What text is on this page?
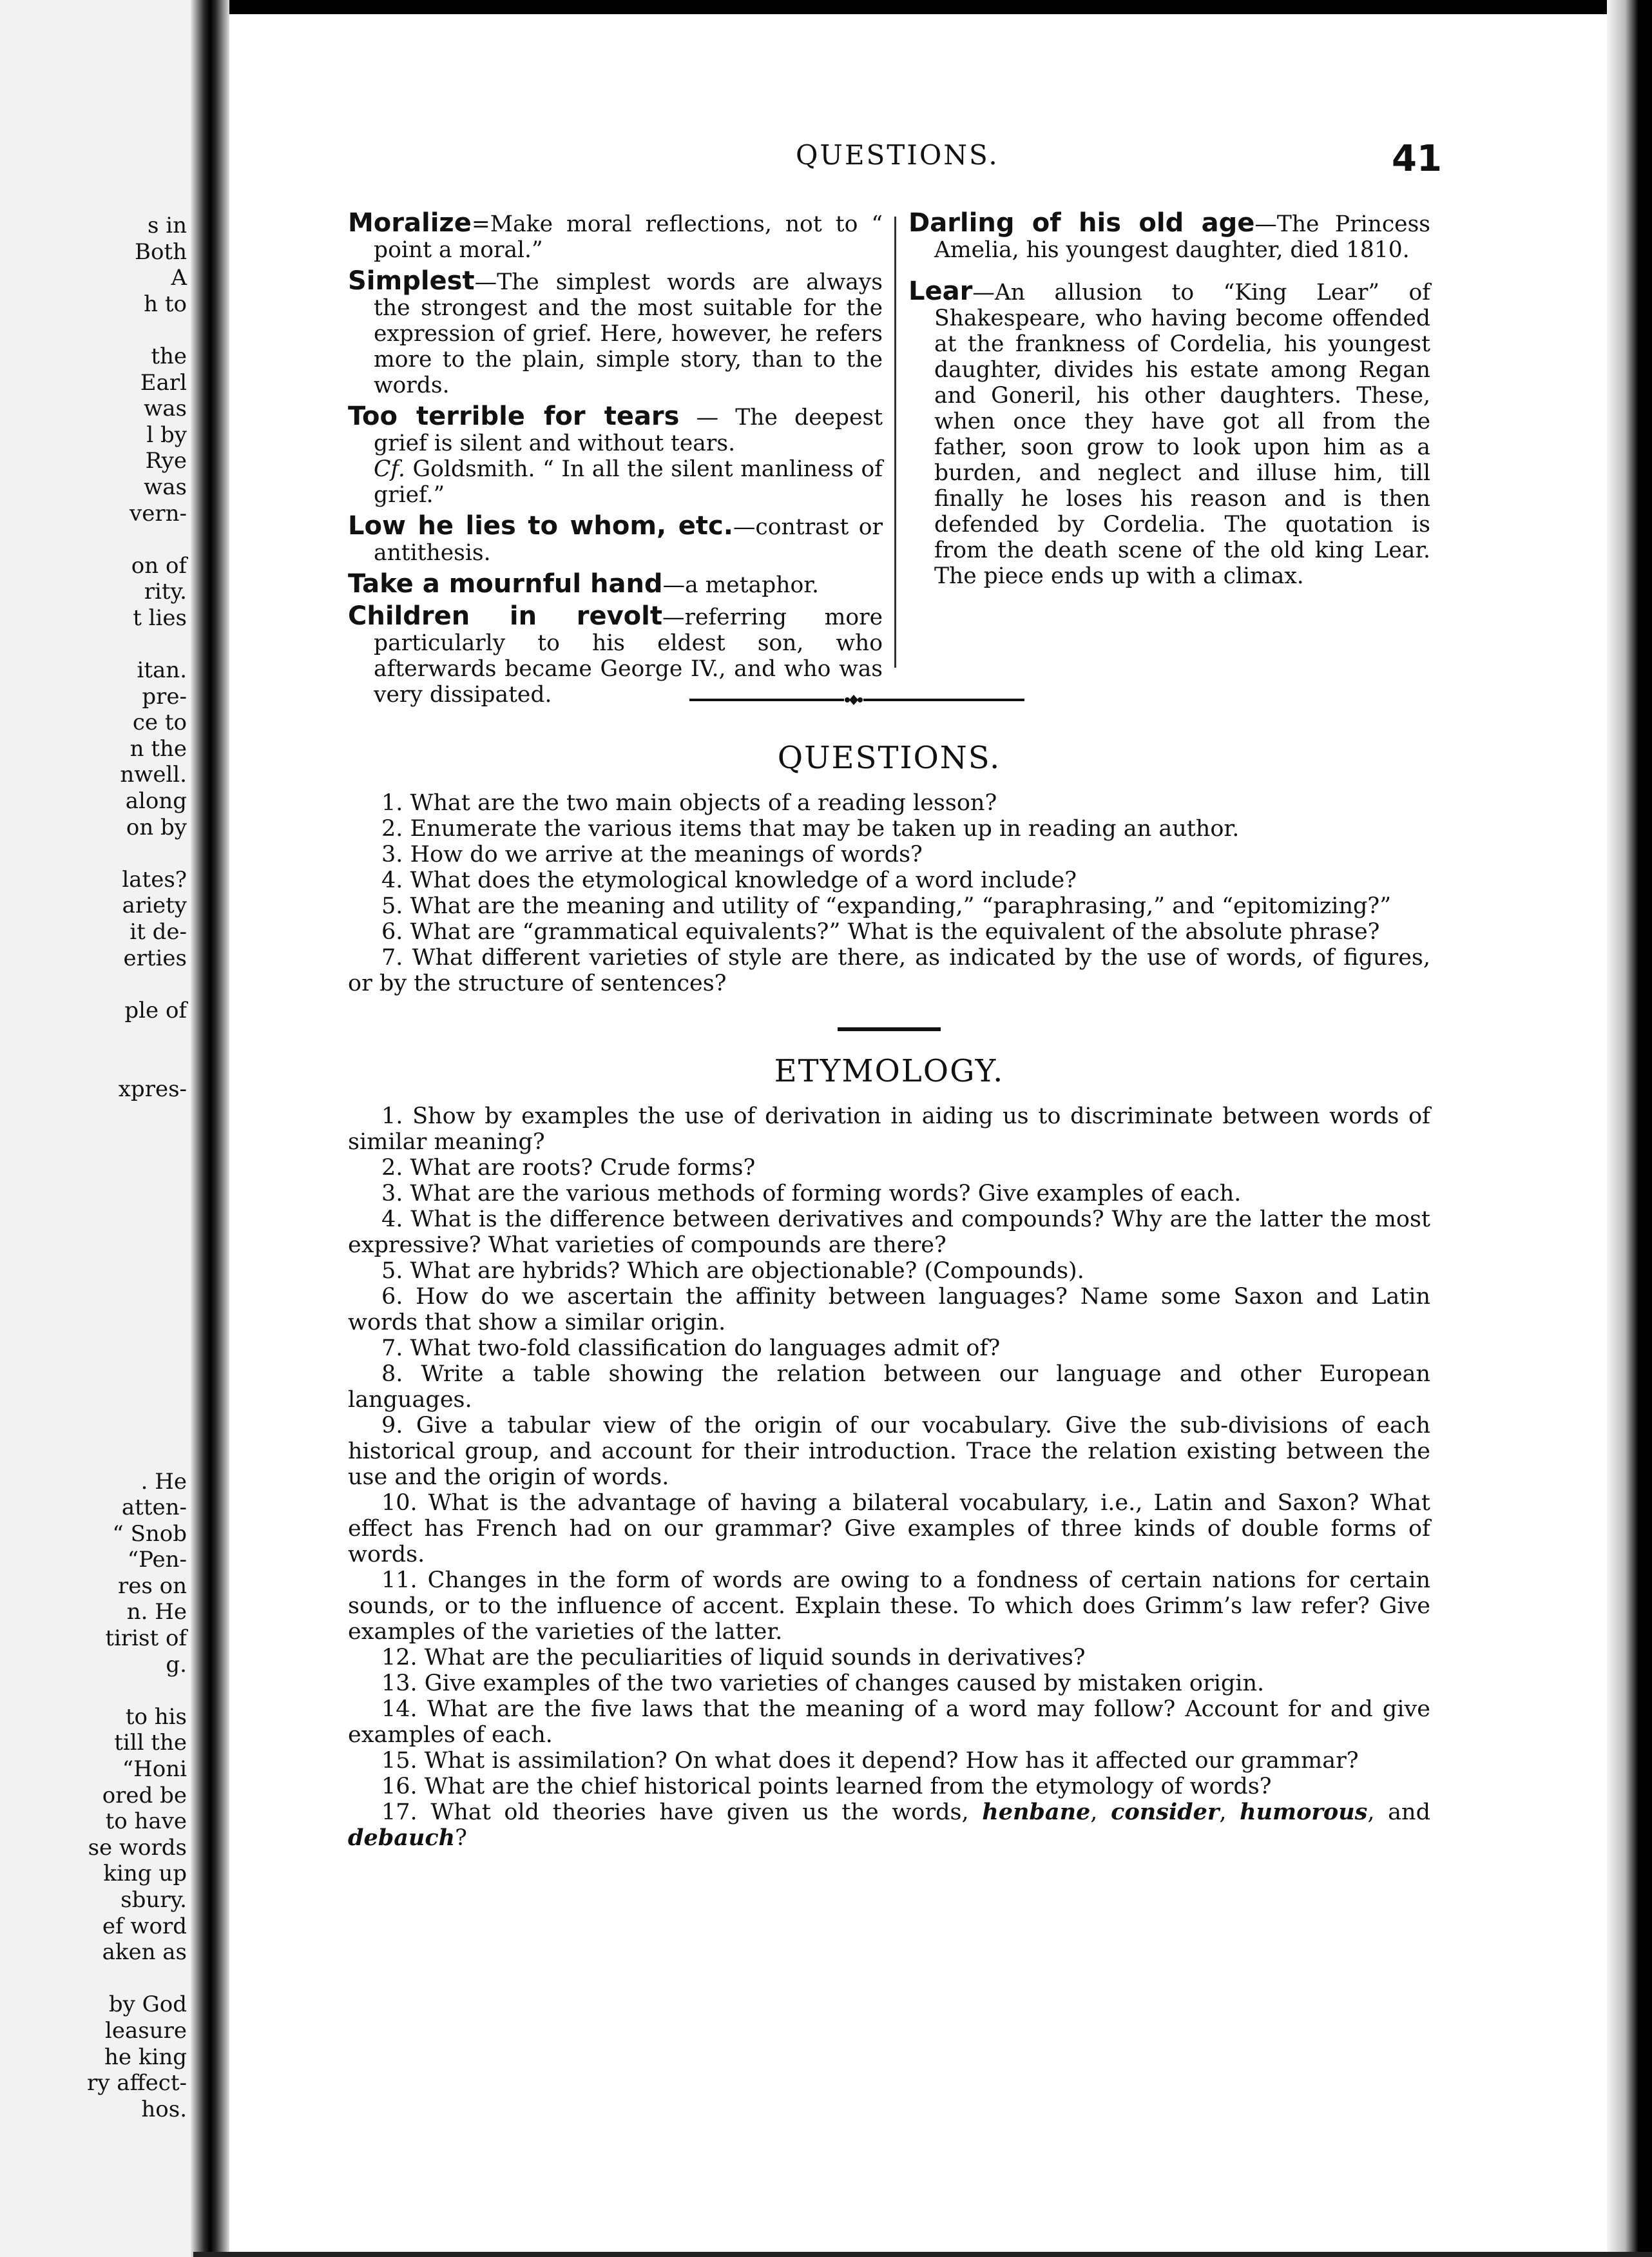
s in
Both
A
h to
the
Earl
was
l by
Rye
was
vern-
on of
rity.
t lies
itan.
pre-
ce to
n the
nwell.
along
on by
lates?
ariety
it de-
erties
ple of
xpres-
. He
atten-
“ Snob
“Pen-
res on
n. He
tirist of
g.
to his
till the
“Honi
ored be
to have
se words
king up
sbury.
ef word
aken as
by God
leasure
he king
ry affect-
hos.
QUESTIONS.	41

Moralize=Make moral reflections, not to “ point a moral.”

Simplest—The simplest words are always the strongest and the most suitable for the expression of grief. Here, however, he refers more to the plain, simple story, than to the words.

Too terrible for tears — The deepest grief is silent and without tears.
Cf. Goldsmith. “ In all the silent manliness of grief.”

Low he lies to whom, etc.—contrast or antithesis.

Take a mournful hand—a metaphor.

Children in revolt—referring more particularly to his eldest son, who afterwards became George IV., and who was very dissipated.

Darling of his old age—The Princess Amelia, his youngest daughter, died 1810.

Lear—An allusion to “King Lear” of Shakespeare, who having become offended at the frankness of Cordelia, his youngest daughter, divides his estate among Regan and Goneril, his other daughters. These, when once they have got all from the father, soon grow to look upon him as a burden, and neglect and illuse him, till finally he loses his reason and is then defended by Cordelia. The quotation is from the death scene of the old king Lear. The piece ends up with a climax.

QUESTIONS.
1. What are the two main objects of a reading lesson?
2. Enumerate the various items that may be taken up in reading an author.
3. How do we arrive at the meanings of words?
4. What does the etymological knowledge of a word include?
5. What are the meaning and utility of “expanding,” “paraphrasing,” and “epitomizing?”
6. What are “grammatical equivalents?” What is the equivalent of the absolute phrase?
7. What different varieties of style are there, as indicated by the use of words, of figures, or by the structure of sentences?
ETYMOLOGY.
1. Show by examples the use of derivation in aiding us to discriminate between words of similar meaning?
2. What are roots? Crude forms?
3. What are the various methods of forming words? Give examples of each.
4. What is the difference between derivatives and compounds? Why are the latter the most expressive? What varieties of compounds are there?
5. What are hybrids? Which are objectionable? (Compounds).
6. How do we ascertain the affinity between languages? Name some Saxon and Latin words that show a similar origin.
7. What two-fold classification do languages admit of?
8. Write a table showing the relation between our language and other European languages.
9. Give a tabular view of the origin of our vocabulary. Give the sub-divisions of each historical group, and account for their introduction. Trace the relation existing between the use and the origin of words.
10. What is the advantage of having a bilateral vocabulary, i.e., Latin and Saxon? What effect has French had on our grammar? Give examples of three kinds of double forms of words.
11. Changes in the form of words are owing to a fondness of certain nations for certain sounds, or to the influence of accent. Explain these. To which does Grimm’s law refer? Give examples of the varieties of the latter.
12. What are the peculiarities of liquid sounds in derivatives?
13. Give examples of the two varieties of changes caused by mistaken origin.
14. What are the five laws that the meaning of a word may follow? Account for and give examples of each.
15. What is assimilation? On what does it depend? How has it affected our grammar?
16. What are the chief historical points learned from the etymology of words?
17. What old theories have given us the words, henbane, consider, humorous, and debauch?
